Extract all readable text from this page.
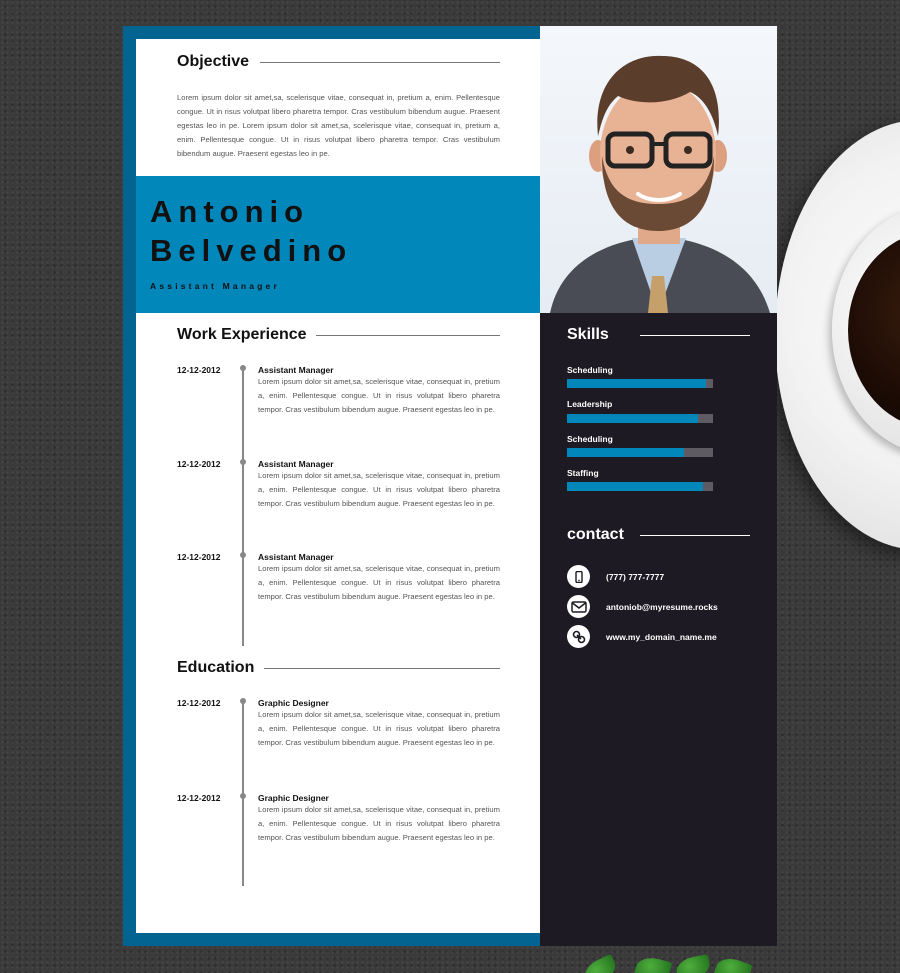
Objective
Lorem ipsum dolor sit amet,sa, scelerisque vitae, consequat in, pretium a, enim. Pellentesque congue. Ut in risus volutpat libero pharetra tempor. Cras vestibulum bibendum augue. Praesent egestas leo in pe. Lorem ipsum dolor sit amet,sa, scelerisque vitae, consequat in, pretium a, enim. Pellentesque congue. Ut in risus volutpat libero pharetra tempor. Cras vestibulum bibendum augue. Praesent egestas leo in pe.
Antonio
Belvedino
Assistant Manager
Work Experience
12-12-2012	Assistant Manager
Lorem ipsum dolor sit amet,sa, scelerisque vitae, consequat in, pretium a, enim. Pellentesque congue. Ut in risus volutpat libero pharetra tempor. Cras vestibulum bibendum augue. Praesent egestas leo in pe.
12-12-2012	Assistant Manager
Lorem ipsum dolor sit amet,sa, scelerisque vitae, consequat in, pretium a, enim. Pellentesque congue. Ut in risus volutpat libero pharetra tempor. Cras vestibulum bibendum augue. Praesent egestas leo in pe.
12-12-2012	Assistant Manager
Lorem ipsum dolor sit amet,sa, scelerisque vitae, consequat in, pretium a, enim. Pellentesque congue. Ut in risus volutpat libero pharetra tempor. Cras vestibulum bibendum augue. Praesent egestas leo in pe.
Education
12-12-2012	Graphic Designer
Lorem ipsum dolor sit amet,sa, scelerisque vitae, consequat in, pretium a, enim. Pellentesque congue. Ut in risus volutpat libero pharetra tempor. Cras vestibulum bibendum augue. Praesent egestas leo in pe.
12-12-2012	Graphic Designer
Lorem ipsum dolor sit amet,sa, scelerisque vitae, consequat in, pretium a, enim. Pellentesque congue. Ut in risus volutpat libero pharetra tempor. Cras vestibulum bibendum augue. Praesent egestas leo in pe.
Skills
Scheduling
Leadership
Scheduling
Staffing
contact
(777) 777-7777
antoniob@myresume.rocks
www.my_domain_name.me
